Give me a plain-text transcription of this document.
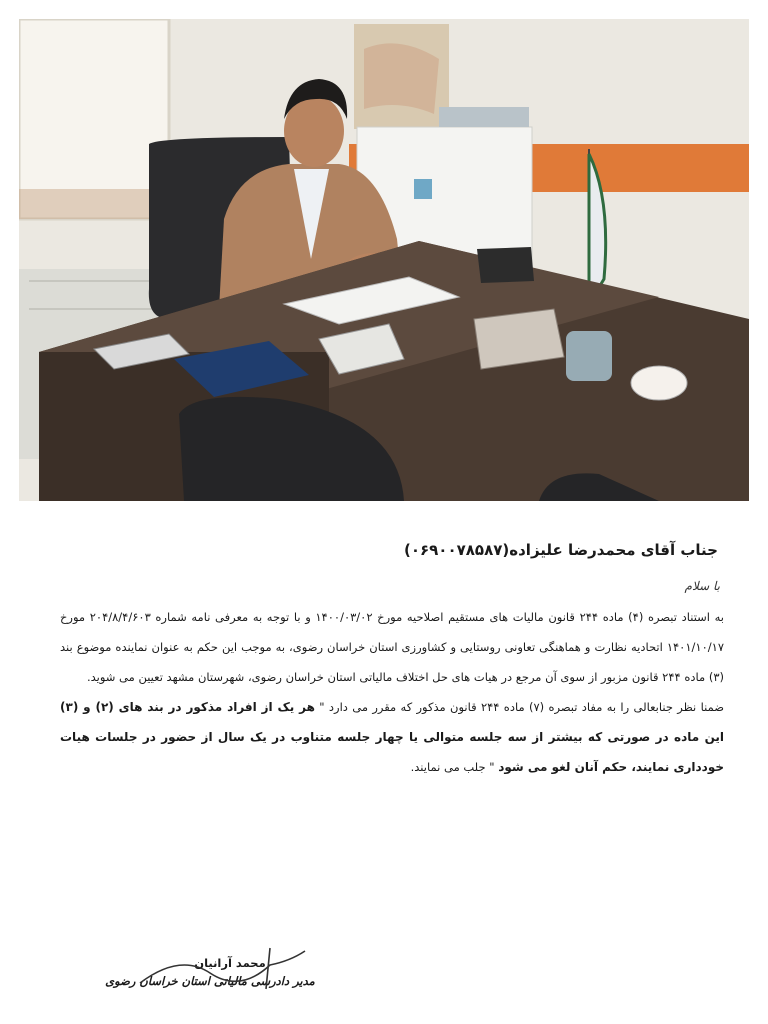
جناب آقای محمدرضا علیزاده(۰۶۹۰۰۷۸۵۸۷)
با سلام

به استناد تبصره (۴) ماده ۲۴۴ قانون مالیات های مستقیم اصلاحیه مورخ ۱۴۰۰/۰۳/۰۲ و با توجه به معرفی نامه شماره ۲۰۴/۸/۴/۶۰۳ مورخ ۱۴۰۱/۱۰/۱۷ اتحادیه نظارت و هماهنگی تعاونی روستایی و کشاورزی استان خراسان رضوی، به موجب این حکم به عنوان نماینده موضوع بند (۳) ماده ۲۴۴ قانون مزبور از سوی آن مرجع در هیات های حل اختلاف مالیاتی استان خراسان رضوی، شهرستان مشهد تعیین می شوید.

ضمنا نظر جنابعالی را به مفاد تبصره (۷) ماده ۲۴۴ قانون مذکور که مقرر می دارد " هر یک از افراد مذکور در بند های (۲) و (۳) این ماده در صورتی که بیشتر از سه جلسه متوالی یا چهار جلسه متناوب در یک سال از حضور در جلسات هیات خودداری نمایند، حکم آنان لغو می شود " جلب می نمایند.

محمد آرانیان
مدیر دادرسی مالیاتی استان خراسان رضوی
